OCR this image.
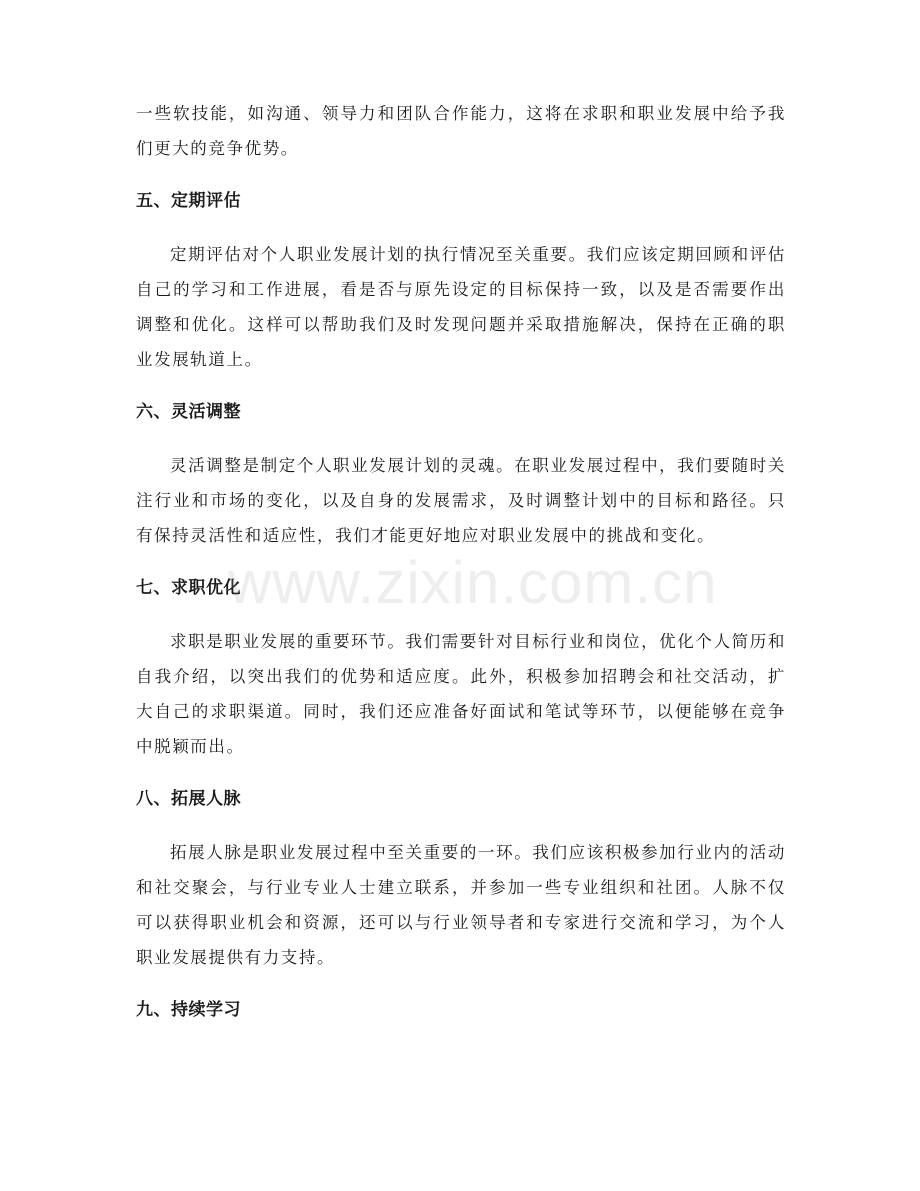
一些软技能，如沟通、领导力和团队合作能力，这将在求职和职业发展中给予我们更大的竞争优势。

五、定期评估

定期评估对个人职业发展计划的执行情况至关重要。我们应该定期回顾和评估自己的学习和工作进展，看是否与原先设定的目标保持一致，以及是否需要作出调整和优化。这样可以帮助我们及时发现问题并采取措施解决，保持在正确的职业发展轨道上。

六、灵活调整

灵活调整是制定个人职业发展计划的灵魂。在职业发展过程中，我们要随时关注行业和市场的变化，以及自身的发展需求，及时调整计划中的目标和路径。只有保持灵活性和适应性，我们才能更好地应对职业发展中的挑战和变化。

七、求职优化

求职是职业发展的重要环节。我们需要针对目标行业和岗位，优化个人简历和自我介绍，以突出我们的优势和适应度。此外，积极参加招聘会和社交活动，扩大自己的求职渠道。同时，我们还应准备好面试和笔试等环节，以便能够在竞争中脱颖而出。

八、拓展人脉

拓展人脉是职业发展过程中至关重要的一环。我们应该积极参加行业内的活动和社交聚会，与行业专业人士建立联系，并参加一些专业组织和社团。人脉不仅可以获得职业机会和资源，还可以与行业领导者和专家进行交流和学习，为个人职业发展提供有力支持。

九、持续学习
www.zixin.com.cn
